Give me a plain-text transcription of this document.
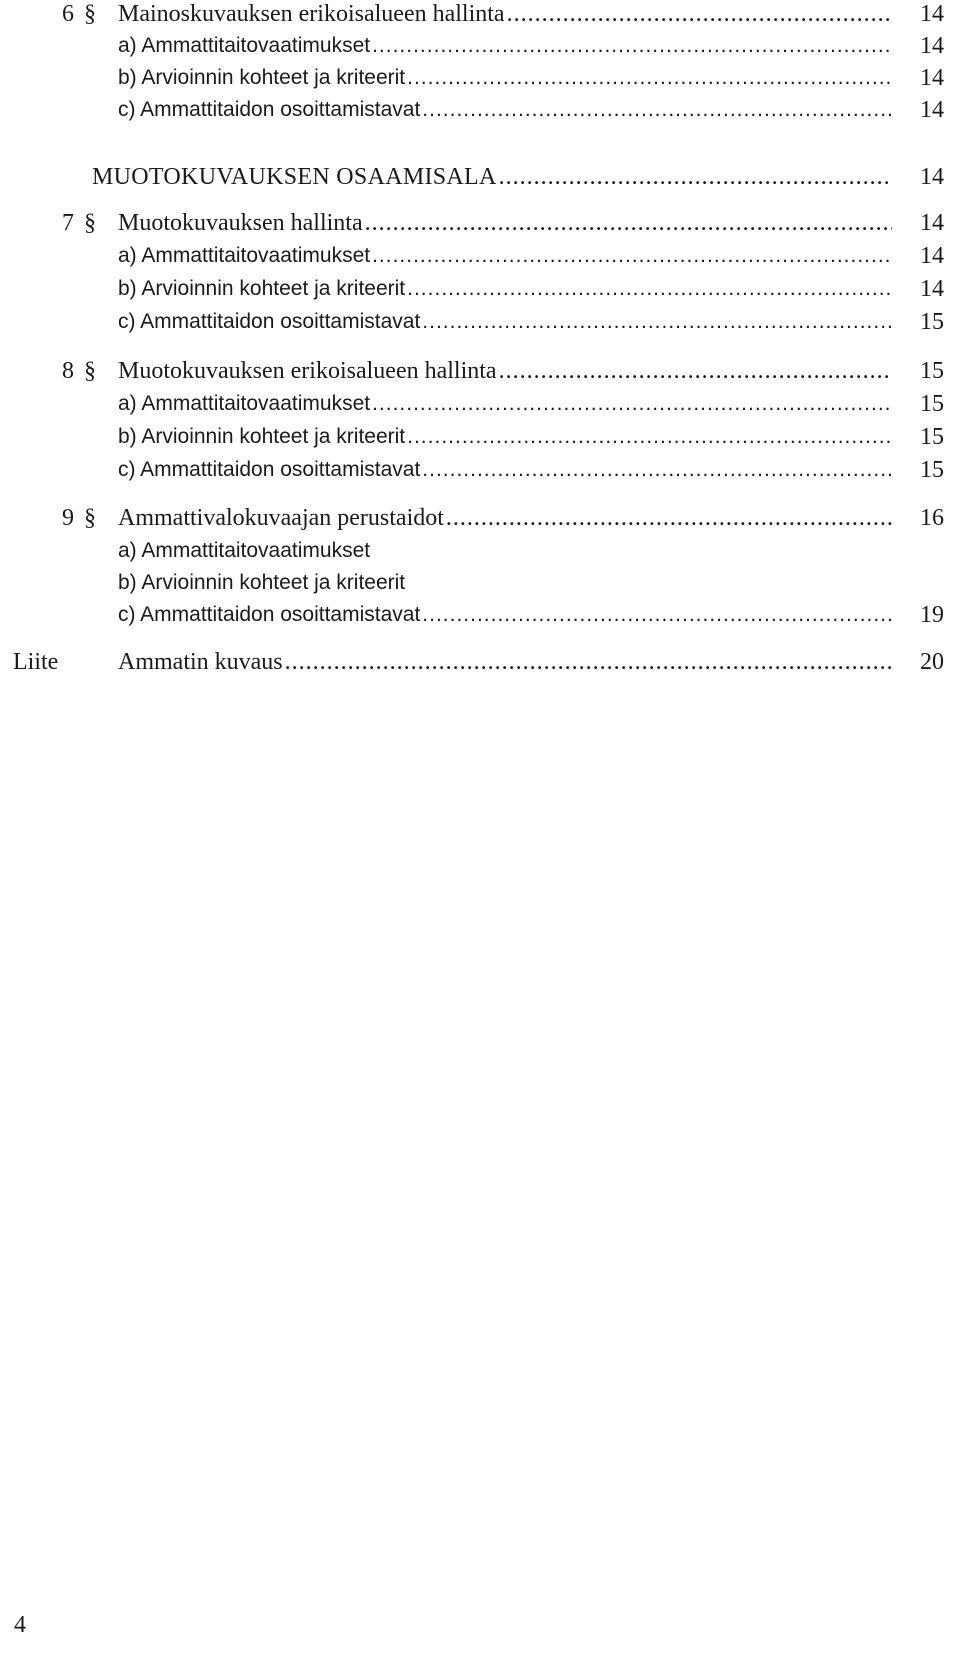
6 § Mainoskuvauksen erikoisalueen hallinta .....	14
a) Ammattitaitovaatimukset .....	14
b) Arvioinnin kohteet ja kriteerit .....	14
c) Ammattitaidon osoittamistavat .....	14
MUOTOKUVAUKSEN OSAAMISALA .....	14
7 § Muotokuvauksen hallinta .....	14
a) Ammattitaitovaatimukset .....	14
b) Arvioinnin kohteet ja kriteerit .....	14
c) Ammattitaidon osoittamistavat .....	15
8 § Muotokuvauksen erikoisalueen hallinta .....	15
a) Ammattitaitovaatimukset .....	15
b) Arvioinnin kohteet ja kriteerit .....	15
c) Ammattitaidon osoittamistavat .....	15
9 § Ammattivalokuvaajan perustaidot .....	16
a) Ammattitaitovaatimukset
b) Arvioinnin kohteet ja kriteerit
c) Ammattitaidon osoittamistavat .....	19
Liite	Ammatin kuvaus .....	20
4
